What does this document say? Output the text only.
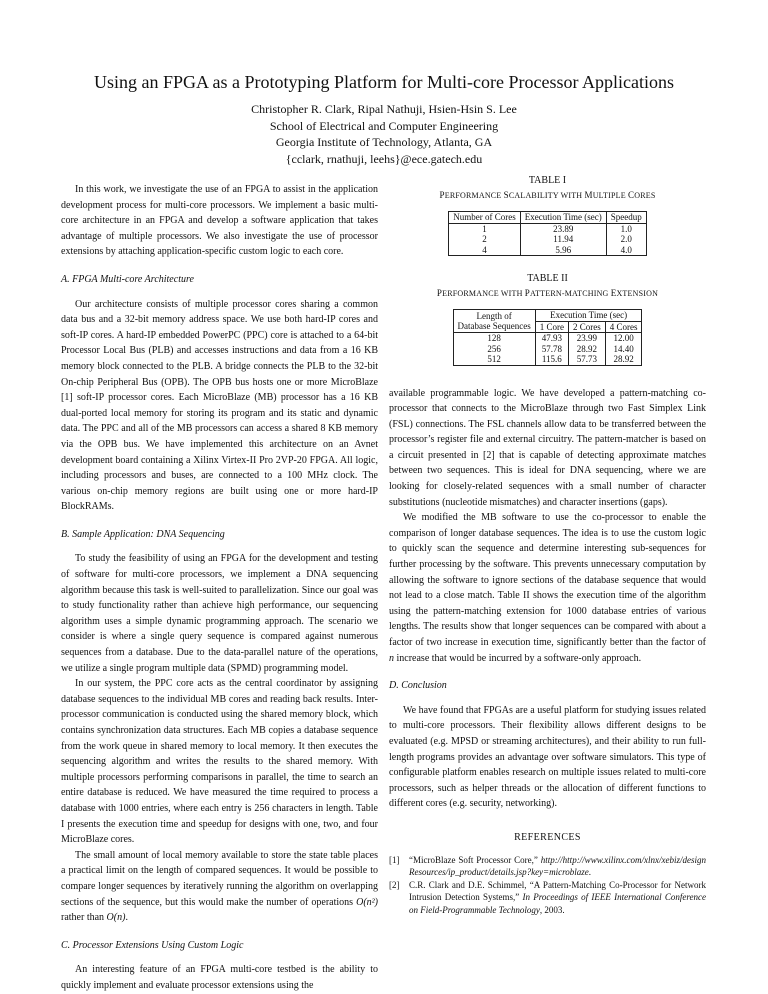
Using an FPGA as a Prototyping Platform for Multi-core Processor Applications
Christopher R. Clark, Ripal Nathuji, Hsien-Hsin S. Lee
School of Electrical and Computer Engineering
Georgia Institute of Technology, Atlanta, GA
{cclark, rnathuji, leehs}@ece.gatech.edu

In this work, we investigate the use of an FPGA to assist in the application development process for multi-core processors. We implement a basic multi-core architecture in an FPGA and develop a software application that takes advantage of multiple processors. We also investigate the use of processor extensions by attaching application-specific custom logic to each core.

A. FPGA Multi-core Architecture

Our architecture consists of multiple processor cores sharing a common data bus and a 32-bit memory address space. We use both hard-IP cores and soft-IP cores. A hard-IP embedded PowerPC (PPC) core is attached to a 64-bit Processor Local Bus (PLB) and accesses instructions and data from a 16 KB memory block connected to the PLB. A bridge connects the PLB to the 32-bit On-chip Peripheral Bus (OPB). The OPB bus hosts one or more MicroBlaze [1] soft-IP processor cores. Each MicroBlaze (MB) processor has a 16 KB dual-ported local memory for storing its program and its static and dynamic data. The PPC and all of the MB processors can access a shared 8 KB memory via the OPB bus. We have implemented this architecture on an Avnet development board containing a Xilinx Virtex-II Pro 2VP-20 FPGA. All logic, including processors and buses, are connected to a 100 MHz clock. The various on-chip memory regions are built using one or more hard-IP BlockRAMs.

B. Sample Application: DNA Sequencing

To study the feasibility of using an FPGA for the development and testing of software for multi-core processors, we implement a DNA sequencing algorithm because this task is well-suited to parallelization. Since our goal was to study functionality rather than achieve high performance, our sequencing algorithm uses a simple dynamic programming approach. The scenario we consider is where a single query sequence is compared against numerous sequences from a database. Due to the data-parallel nature of the operations, we utilize a single program multiple data (SPMD) programming model.

In our system, the PPC core acts as the central coordinator by assigning database sequences to the individual MB cores and reading back results. Inter-processor communication is conducted using the shared memory block, which contains synchronization data structures. Each MB copies a database sequence from the work queue in shared memory to local memory. It then executes the sequencing algorithm and writes the results to the shared memory. With multiple processors performing comparisons in parallel, the time to search an entire database is reduced. We have measured the time required to process a database with 1000 entries, where each entry is 256 characters in length. Table I presents the execution time and speedup for designs with one, two, and four MicroBlaze cores.

The small amount of local memory available to store the state table places a practical limit on the length of compared sequences. It would be possible to compare longer sequences by iteratively running the algorithm on overlapping sections of the sequence, but this would make the number of operations O(n²) rather than O(n).

C. Processor Extensions Using Custom Logic

An interesting feature of an FPGA multi-core testbed is the ability to quickly implement and evaluate processor extensions using the

TABLE I
PERFORMANCE SCALABILITY WITH MULTIPLE CORES
Number of Cores	Execution Time (sec)	Speedup
1	23.89	1.0
2	11.94	2.0
4	5.96	4.0
TABLE II
PERFORMANCE WITH PATTERN-MATCHING EXTENSION
Length of
Database Sequences	Execution Time (sec)		
	1 Core	2 Cores	4 Cores
128	47.93	23.99	12.00
256	57.78	28.92	14.40
512	115.6	57.73	28.92

available programmable logic. We have developed a pattern-matching co-processor that connects to the MicroBlaze through two Fast Simplex Link (FSL) connections. The FSL channels allow data to be transferred between the processor’s register file and external circuitry. The pattern-matcher is based on a circuit presented in [2] that is capable of detecting approximate matches between two sequences. This is ideal for DNA sequencing, where we are looking for closely-related sequences with a small number of character substitutions (nucleotide mismatches) and character insertions (gaps).

We modified the MB software to use the co-processor to enable the comparison of longer database sequences. The idea is to use the custom logic to quickly scan the sequence and determine interesting sub-sequences for further processing by the software. This prevents unnecessary computation by allowing the software to ignore sections of the database sequence that would not lead to a close match. Table II shows the execution time of the algorithm using the pattern-matching extension for 1000 database entries of various lengths. The results show that longer sequences can be compared with about a factor of two increase in execution time, significantly better than the factor of n increase that would be incurred by a software-only approach.

D. Conclusion

We have found that FPGAs are a useful platform for studying issues related to multi-core processors. Their flexibility allows different designs to be evaluated (e.g. MPSD or streaming architectures), and their ability to run full-length programs provides an advantage over software simulators. This type of configurable platform enables research on multiple issues related to multi-core processors, such as helper threads or the allocation of different functions to different cores (e.g. security, networking).

REFERENCES
[1]	“MicroBlaze Soft Processor Core,” http://http://www.xilinx.com/xlnx/xebiz/designResources/ip_product/details.jsp?key=microblaze.
[2]	C.R. Clark and D.E. Schimmel, “A Pattern-Matching Co-Processor for Network Intrusion Detection Systems,” In Proceedings of IEEE International Conference on Field-Programmable Technology, 2003.
